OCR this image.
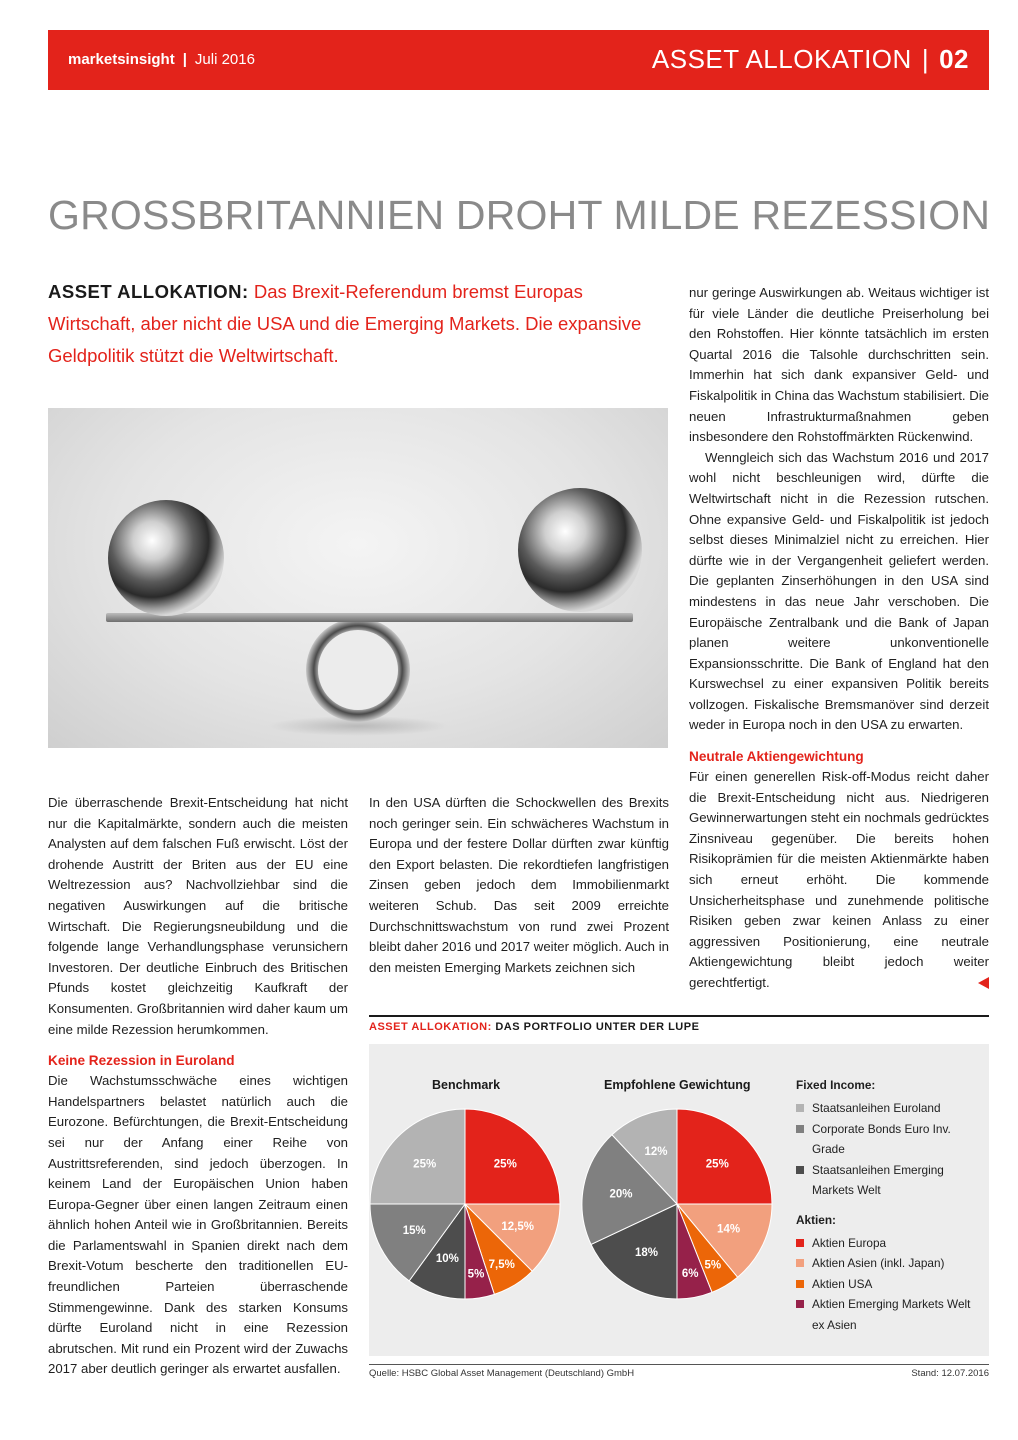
marketsinsight | Juli 2016	ASSET ALLOKATION | 02
GROSSBRITANNIEN DROHT MILDE REZESSION
ASSET ALLOKATION: Das Brexit-Referendum bremst Europas Wirtschaft, aber nicht die USA und die Emerging Markets. Die expansive Geldpolitik stützt die Weltwirtschaft.

Die überraschende Brexit-Entscheidung hat nicht nur die Kapitalmärkte, sondern auch die meisten Analysten auf dem falschen Fuß erwischt. Löst der drohende Austritt der Briten aus der EU eine Weltrezession aus? Nachvollziehbar sind die negativen Auswirkungen auf die britische Wirtschaft. Die Regierungsneubildung und die folgende lange Verhandlungsphase verunsichern Investoren. Der deutliche Einbruch des Britischen Pfunds kostet gleichzeitig Kaufkraft der Konsumenten. Großbritannien wird daher kaum um eine milde Rezession herumkommen.

Keine Rezession in Euroland

Die Wachstumsschwäche eines wichtigen Handelspartners belastet natürlich auch die Eurozone. Befürchtungen, die Brexit-Entscheidung sei nur der Anfang einer Reihe von Austrittsreferenden, sind jedoch überzogen. In keinem Land der Europäischen Union haben Europa-Gegner über einen langen Zeitraum einen ähnlich hohen Anteil wie in Großbritannien. Bereits die Parlamentswahl in Spanien direkt nach dem Brexit-Votum bescherte den traditionellen EU-freundlichen Parteien überraschende Stimmengewinne. Dank des starken Konsums dürfte Euroland nicht in eine Rezession abrutschen. Mit rund ein Prozent wird der Zuwachs 2017 aber deutlich geringer als erwartet ausfallen.

In den USA dürften die Schockwellen des Brexits noch geringer sein. Ein schwächeres Wachstum in Europa und der festere Dollar dürften zwar künftig den Export belasten. Die rekordtiefen langfristigen Zinsen geben jedoch dem Immobilienmarkt weiteren Schub. Das seit 2009 erreichte Durchschnittswachstum von rund zwei Prozent bleibt daher 2016 und 2017 weiter möglich. Auch in den meisten Emerging Markets zeichnen sich

nur geringe Auswirkungen ab. Weitaus wichtiger ist für viele Länder die deutliche Preiserholung bei den Rohstoffen. Hier könnte tatsächlich im ersten Quartal 2016 die Talsohle durchschritten sein. Immerhin hat sich dank expansiver Geld- und Fiskalpolitik in China das Wachstum stabilisiert. Die neuen Infrastrukturmaßnahmen geben insbesondere den Rohstoffmärkten Rückenwind.

Wenngleich sich das Wachstum 2016 und 2017 wohl nicht beschleunigen wird, dürfte die Weltwirtschaft nicht in die Rezession rutschen. Ohne expansive Geld- und Fiskalpolitik ist jedoch selbst dieses Minimalziel nicht zu erreichen. Hier dürfte wie in der Vergangenheit geliefert werden. Die geplanten Zinserhöhungen in den USA sind mindestens in das neue Jahr verschoben. Die Europäische Zentralbank und die Bank of Japan planen weitere unkonventionelle Expansionsschritte. Die Bank of England hat den Kurswechsel zu einer expansiven Politik bereits vollzogen. Fiskalische Bremsmanöver sind derzeit weder in Europa noch in den USA zu erwarten.

Neutrale Aktiengewichtung

Für einen generellen Risk-off-Modus reicht daher die Brexit-Entscheidung nicht aus. Niedrigeren Gewinnerwartungen steht ein nochmals gedrücktes Zinsniveau gegenüber. Die bereits hohen Risikoprämien für die meisten Aktienmärkte haben sich erneut erhöht. Die kommende Unsicherheitsphase und zunehmende politische Risiken geben zwar keinen Anlass zu einer aggressiven Positionierung, eine neutrale Aktiengewichtung bleibt jedoch weiter gerechtfertigt.

ASSET ALLOKATION: DAS PORTFOLIO UNTER DER LUPE
Benchmark	Empfohlene Gewichtung
25%
12,5%
7,5%
5%
10%
15%
25%	25%
14%
5%
6%
18%
20%
12%
Fixed Income:
Staatsanleihen Euroland
Corporate Bonds Euro Inv. Grade
Staatsanleihen Emerging Markets Welt
Aktien:
Aktien Europa
Aktien Asien (inkl. Japan)
Aktien USA
Aktien Emerging Markets Welt ex Asien
Quelle: HSBC Global Asset Management (Deutschland) GmbH	Stand: 12.07.2016
